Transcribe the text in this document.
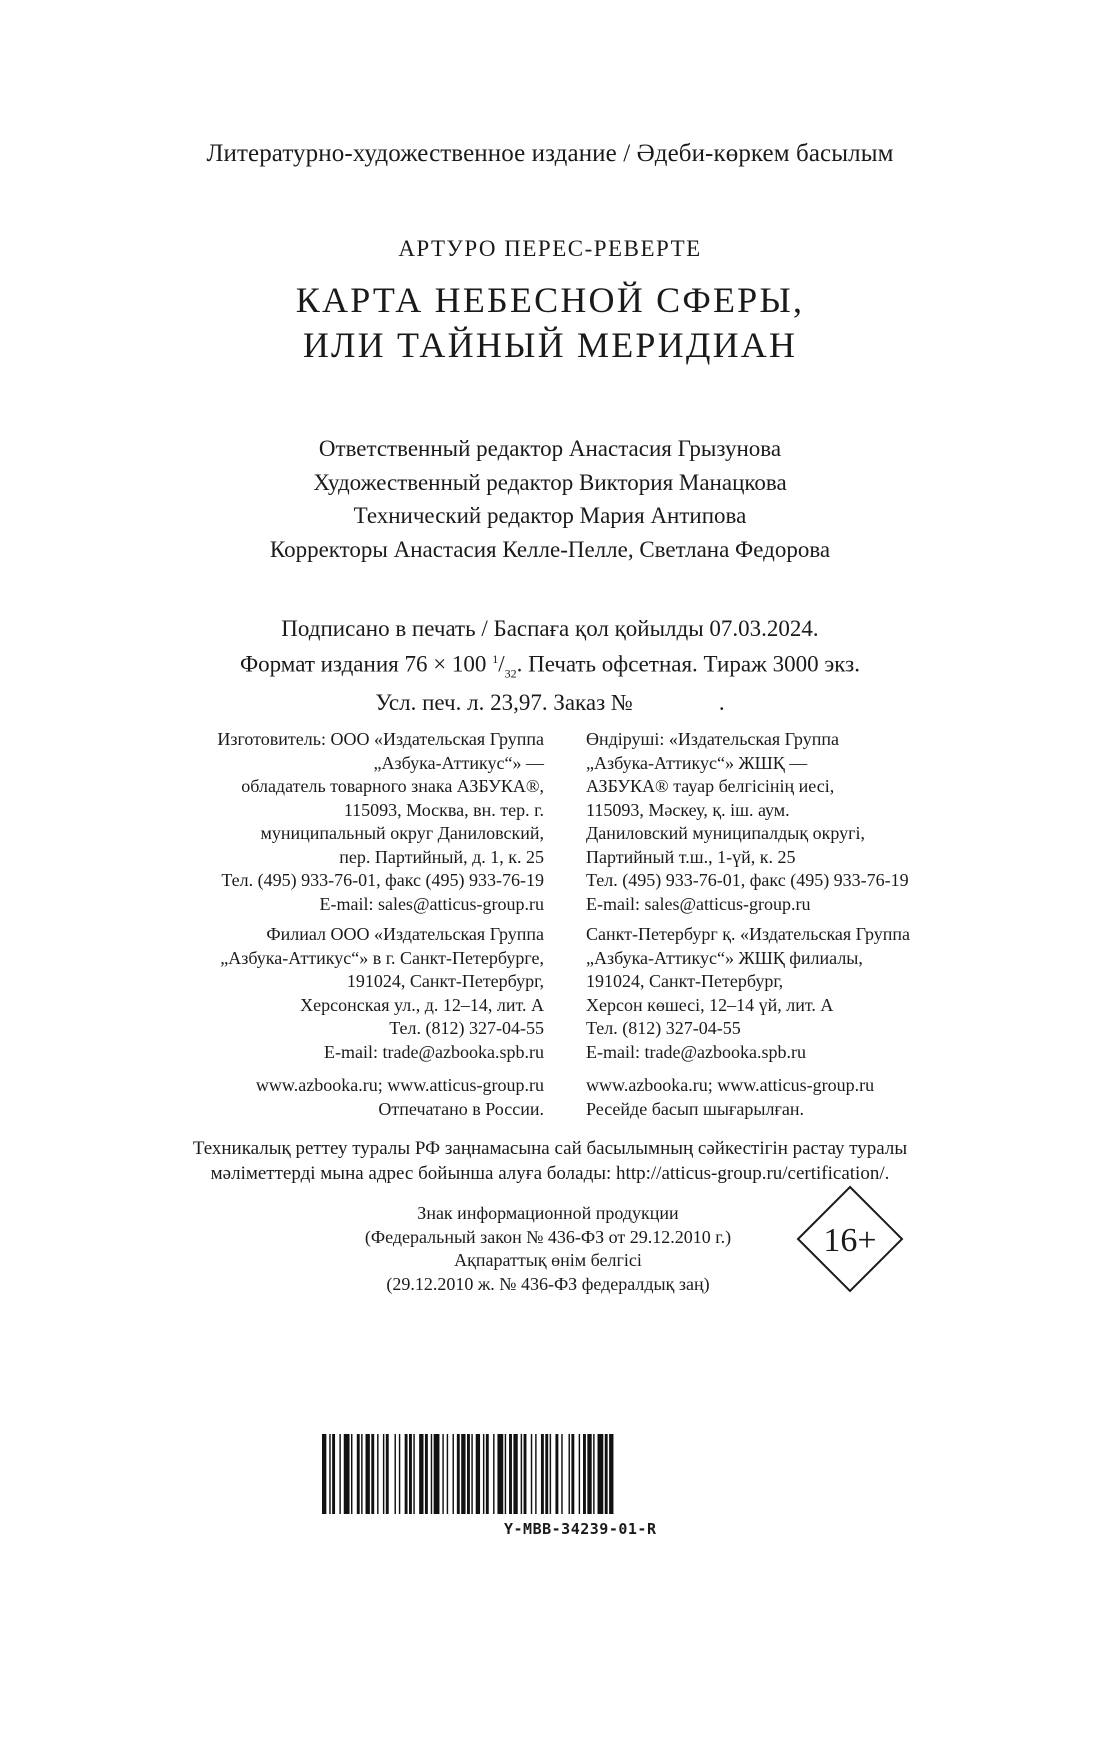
Литературно-художественное издание / Әдеби-көркем басылым
АРТУРО ПЕРЕС-РЕВЕРТЕ
КАРТА НЕБЕСНОЙ СФЕРЫ,
ИЛИ ТАЙНЫЙ МЕРИДИАН
Ответственный редактор Анастасия Грызунова
Художественный редактор Виктория Манацкова
Технический редактор Мария Антипова
Корректоры Анастасия Келле-Пелле, Светлана Федорова
Подписано в печать / Баспаға қол қойылды 07.03.2024.
Формат издания 76 × 100 $^1/_{32}$. Печать офсетная. Тираж 3000 экз.
Усл. печ. л. 23,97. Заказ №	.
Изготовитель: ООО «Издательская Группа
„Азбука-Аттикус“» —
обладатель товарного знака АЗБУКА®,
115093, Москва, вн. тер. г.
муниципальный округ Даниловский,
пер. Партийный, д. 1, к. 25
Тел. (495) 933-76-01, факс (495) 933-76-19
E-mail: sales@atticus-group.ru
Филиал ООО «Издательская Группа
„Азбука-Аттикус“» в г. Санкт-Петербурге,
191024, Санкт-Петербург,
Херсонская ул., д. 12–14, лит. А
Тел. (812) 327-04-55
E-mail: trade@azbooka.spb.ru
www.azbooka.ru; www.atticus-group.ru
Отпечатано в России.
Өндіруші: «Издательская Группа
„Азбука-Аттикус“» ЖШҚ —
АЗБУКА® тауар белгісінің иесі,
115093, Мәскеу, қ. іш. аум.
Даниловский муниципалдық округі,
Партийный т.ш., 1-үй, к. 25
Тел. (495) 933-76-01, факс (495) 933-76-19
E-mail: sales@atticus-group.ru
Санкт-Петербург қ. «Издательская Группа
„Азбука-Аттикус“» ЖШҚ филиалы,
191024, Санкт-Петербург,
Херсон көшесі, 12–14 үй, лит. А
Тел. (812) 327-04-55
E-mail: trade@azbooka.spb.ru
www.azbooka.ru; www.atticus-group.ru
Ресейде басып шығарылған.
Техникалық реттеу туралы РФ заңнамасына сай басылымның сәйкестігін растау туралы
мәліметтерді мына адрес бойынша алуға болады: http://atticus-group.ru/certification/.
Знак информационной продукции
(Федеральный закон № 436-ФЗ от 29.12.2010 г.)
Ақпараттық өнім белгісі
(29.12.2010 ж. № 436-ФЗ федералдық заң)
16+
Y-MBB-34239-01-R
